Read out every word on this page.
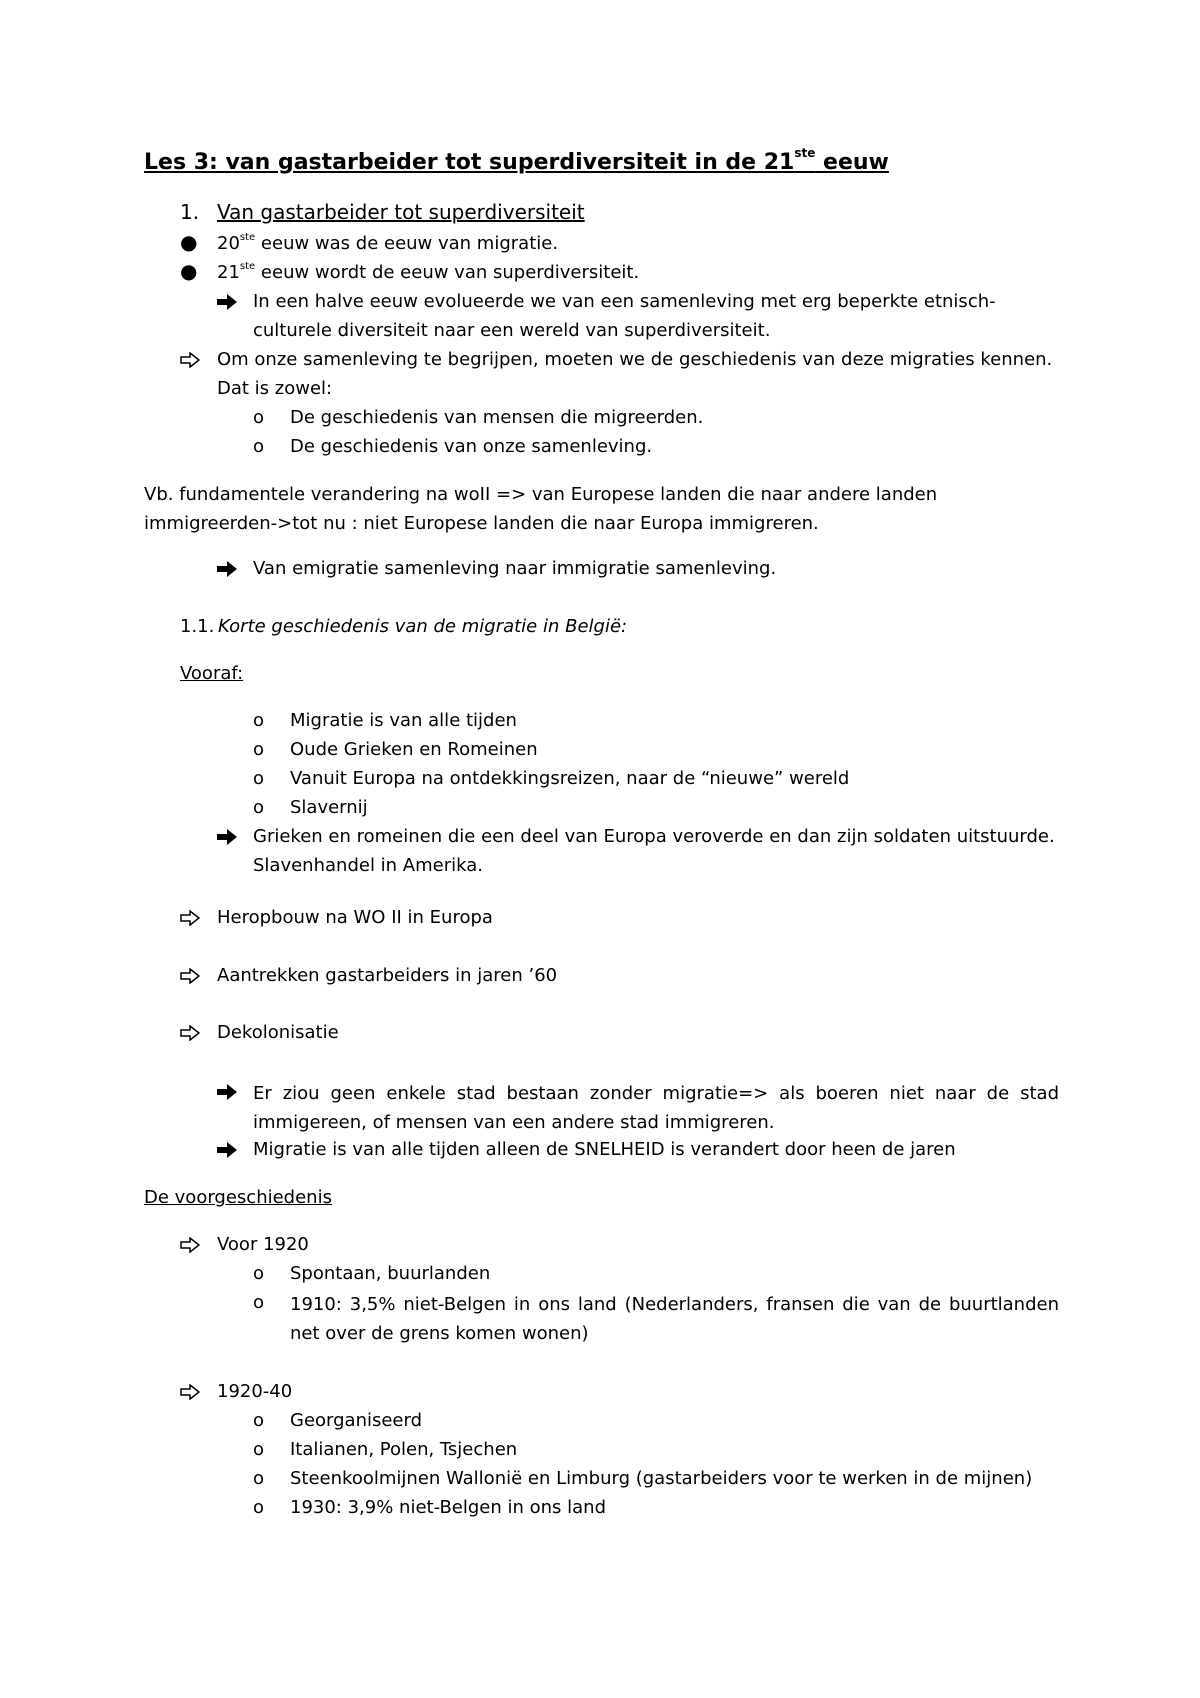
Les 3: van gastarbeider tot superdiversiteit in de 21ste eeuw
1. Van gastarbeider tot superdiversiteit
● 20ste eeuw was de eeuw van migratie.
● 21ste eeuw wordt de eeuw van superdiversiteit.
In een halve eeuw evolueerde we van een samenleving met erg beperkte etnisch-
culturele diversiteit naar een wereld van superdiversiteit.
Om onze samenleving te begrijpen, moeten we de geschiedenis van deze migraties kennen.
Dat is zowel:
o De geschiedenis van mensen die migreerden.
o De geschiedenis van onze samenleving.
Vb. fundamentele verandering na woII => van Europese landen die naar andere landen
immigreerden->tot nu : niet Europese landen die naar Europa immigreren.
Van emigratie samenleving naar immigratie samenleving.
1.1. Korte geschiedenis van de migratie in België:
Vooraf:
o Migratie is van alle tijden
o Oude Grieken en Romeinen
o Vanuit Europa na ontdekkingsreizen, naar de “nieuwe” wereld
o Slavernij
Grieken en romeinen die een deel van Europa veroverde en dan zijn soldaten uitstuurde.
Slavenhandel in Amerika.
Heropbouw na WO II in Europa
Aantrekken gastarbeiders in jaren ’60
Dekolonisatie
Er ziou geen enkele stad bestaan zonder migratie=> als boeren niet naar de stad immigereen, of mensen van een andere stad immigreren.
Migratie is van alle tijden alleen de SNELHEID is verandert door heen de jaren
De voorgeschiedenis
Voor 1920
o Spontaan, buurlanden
o 1910: 3,5% niet-Belgen in ons land (Nederlanders, fransen die van de buurtlanden net over de grens komen wonen)
1920-40
o Georganiseerd
o Italianen, Polen, Tsjechen
o Steenkoolmijnen Wallonië en Limburg (gastarbeiders voor te werken in de mijnen)
o 1930: 3,9% niet-Belgen in ons land
